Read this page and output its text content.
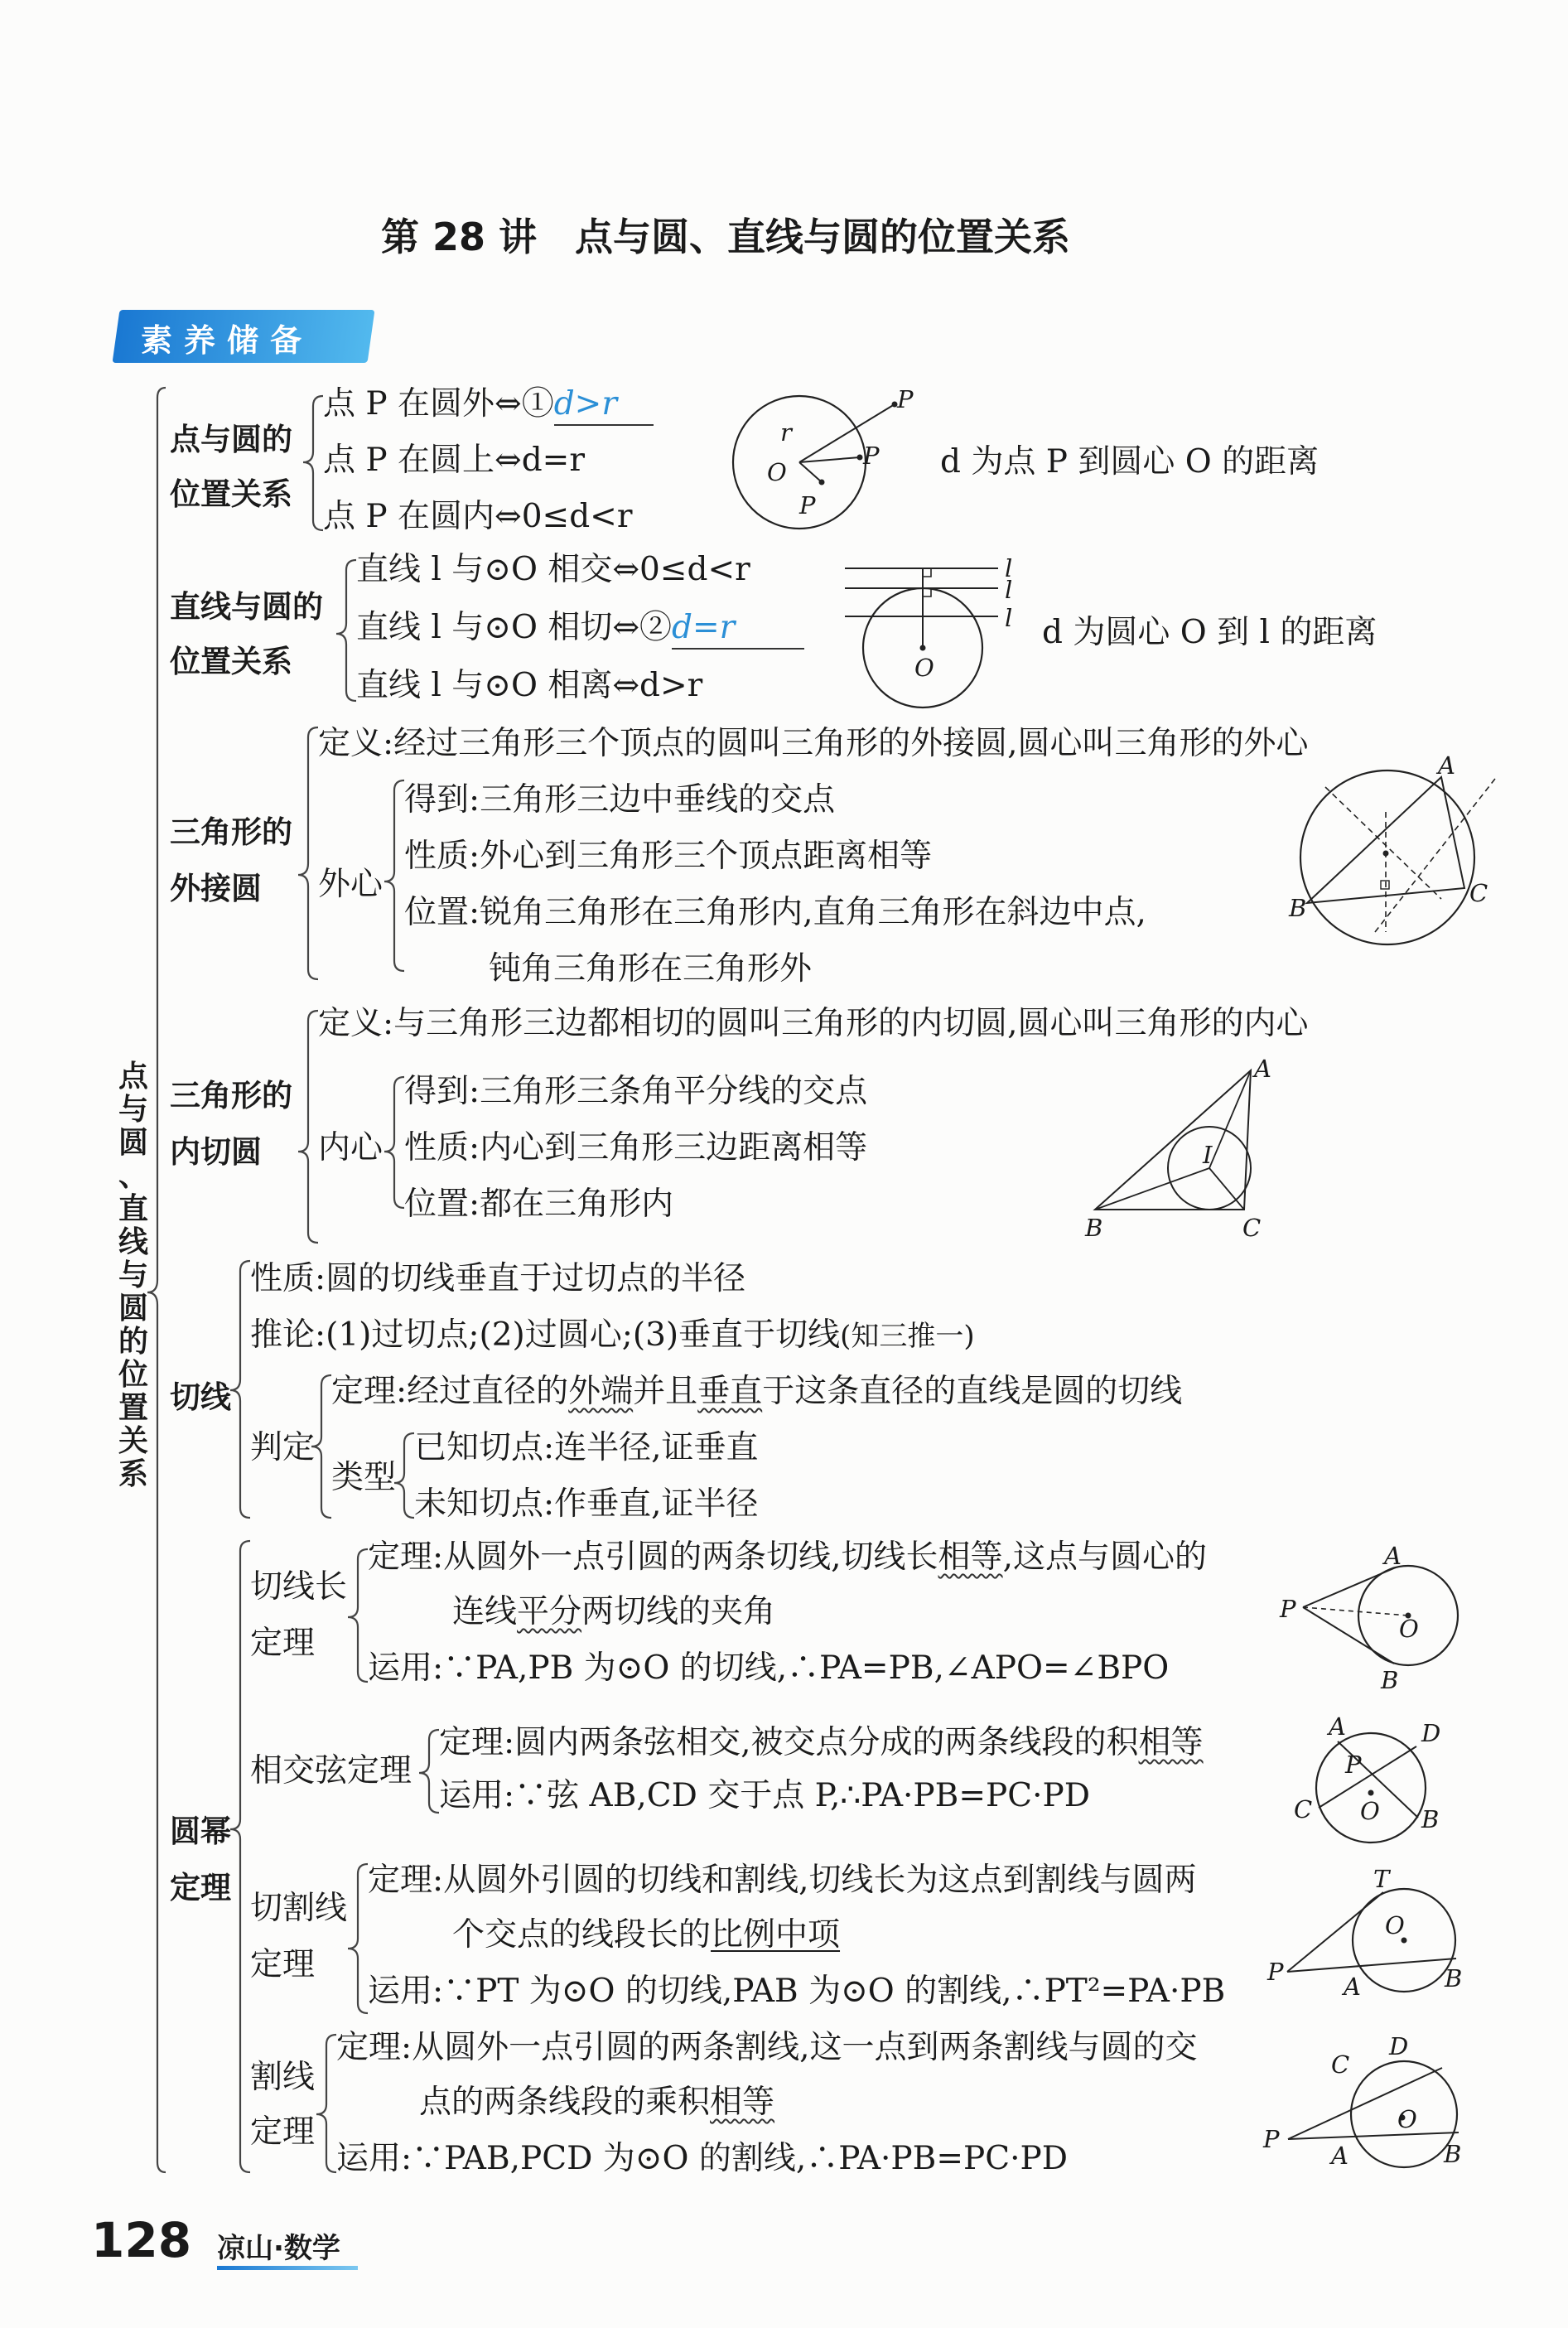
第 28 讲　点与圆、直线与圆的位置关系
素养储备
点
与
圆
、
直
线
与
圆
的
位
置
关
系
点与圆的
位置关系
点 P 在圆外⇔①d>r
点 P 在圆上⇔d=r
点 P 在圆内⇔0≤d<r
d 为点 P 到圆心 O 的距离
P
P
P
O
r
直线与圆的
位置关系
直线 l 与⊙O 相交⇔0≤d<r
直线 l 与⊙O 相切⇔②d=r
直线 l 与⊙O 相离⇔d>r
d 为圆心 O 到 l 的距离
O
l
l
l
三角形的
外接圆
定义:经过三角形三个顶点的圆叫三角形的外接圆,圆心叫三角形的外心
外心
得到:三角形三边中垂线的交点
性质:外心到三角形三个顶点距离相等
位置:锐角三角形在三角形内,直角三角形在斜边中点,
钝角三角形在三角形外
A
B
C
三角形的
内切圆
定义:与三角形三边都相切的圆叫三角形的内切圆,圆心叫三角形的内心
内心
得到:三角形三条角平分线的交点
性质:内心到三角形三边距离相等
位置:都在三角形内
A
B	C
I
切线
性质:圆的切线垂直于过切点的半径
推论:(1)过切点;(2)过圆心;(3)垂直于切线(知三推一)
判定
定理:经过直径的外端并且垂直于这条直径的直线是圆的切线
类型
已知切点:连半径,证垂直
未知切点:作垂直,证半径
圆幂
定理
切线长
定理
定理:从圆外一点引圆的两条切线,切线长相等,这点与圆心的
连线平分两切线的夹角
运用:∵PA,PB 为⊙O 的切线,∴PA=PB,∠APO=∠BPO
P
A
B
O
相交弦定理
定理:圆内两条弦相交,被交点分成的两条线段的积相等
运用:∵弦 AB,CD 交于点 P,∴PA·PB=PC·PD
A	D
C	B
P
O
切割线
定理
定理:从圆外引圆的切线和割线,切线长为这点到割线与圆两
个交点的线段长的比例中项
运用:∵PT 为⊙O 的切线,PAB 为⊙O 的割线,∴PT²=PA·PB
T
O
P
A	B
割线
定理
定理:从圆外一点引圆的两条割线,这一点到两条割线与圆的交
点的两条线段的乘积相等
运用:∵PAB,PCD 为⊙O 的割线,∴PA·PB=PC·PD
C
D
P
A	B
O
128 凉山·数学
